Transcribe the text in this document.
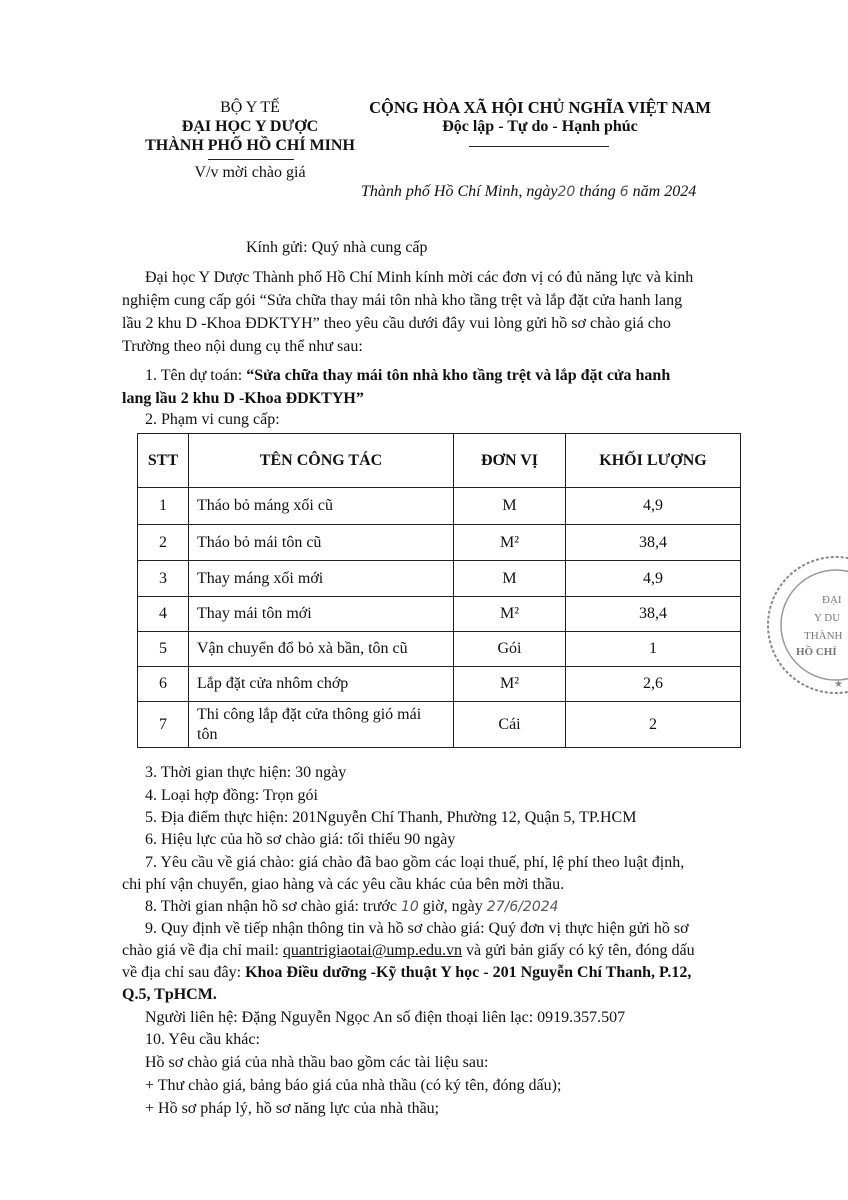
BỘ Y TẾ
ĐẠI HỌC Y DƯỢC
THÀNH PHỐ HỒ CHÍ MINH
V/v mời chào giá
CỘNG HÒA XÃ HỘI CHỦ NGHĨA VIỆT NAM
Độc lập - Tự do - Hạnh phúc
Thành phố Hồ Chí Minh, ngày20 tháng 6 năm 2024
Kính gửi: Quý nhà cung cấp
Đại học Y Dược Thành phố Hồ Chí Minh kính mời các đơn vị có đủ năng lực và kinh
nghiệm cung cấp gói “Sửa chữa thay mái tôn nhà kho tầng trệt và lắp đặt cửa hanh lang
lầu 2 khu D -Khoa ĐDKTYH” theo yêu cầu dưới đây vui lòng gửi hồ sơ chào giá cho
Trường theo nội dung cụ thể như sau:
1. Tên dự toán: “Sửa chữa thay mái tôn nhà kho tầng trệt và lắp đặt cửa hanh
lang lầu 2 khu D -Khoa ĐDKTYH”
2. Phạm vi cung cấp:
STT	TÊN CÔNG TÁC	ĐƠN VỊ	KHỐI LƯỢNG
1	Tháo bỏ máng xối cũ	M	4,9
2	Tháo bỏ mái tôn cũ	M²	38,4
3	Thay máng xối mới	M	4,9
4	Thay mái tôn mới	M²	38,4
5	Vận chuyển đổ bỏ xà bần, tôn cũ	Gói	1
6	Lắp đặt cửa nhôm chớp	M²	2,6
7	Thi công lắp đặt cửa thông gió mái tôn	Cái	2
3. Thời gian thực hiện: 30 ngày
4. Loại hợp đồng: Trọn gói
5. Địa điểm thực hiện: 201Nguyễn Chí Thanh, Phường 12, Quận 5, TP.HCM
6. Hiệu lực của hồ sơ chào giá: tối thiểu 90 ngày
7. Yêu cầu về giá chào: giá chào đã bao gồm các loại thuế, phí, lệ phí theo luật định,
chi phí vận chuyển, giao hàng và các yêu cầu khác của bên mời thầu.
8. Thời gian nhận hồ sơ chào giá: trước 10 giờ, ngày 27/6/2024
9. Quy định về tiếp nhận thông tin và hồ sơ chào giá: Quý đơn vị thực hiện gửi hồ sơ
chào giá về địa chỉ mail: quantrigiaotai@ump.edu.vn và gửi bản giấy có ký tên, đóng dấu
về địa chỉ sau đây: Khoa Điều dưỡng -Kỹ thuật Y học - 201 Nguyễn Chí Thanh, P.12,
Q.5, TpHCM.
Người liên hệ: Đặng Nguyễn Ngọc An số điện thoại liên lạc: 0919.357.507
10. Yêu cầu khác:
Hồ sơ chào giá của nhà thầu bao gồm các tài liệu sau:
+ Thư chào giá, bảng báo giá của nhà thầu (có ký tên, đóng dấu);
+ Hồ sơ pháp lý, hồ sơ năng lực của nhà thầu;
ĐẠI
Y DU
THÀNH
HỒ CHÍ
★
